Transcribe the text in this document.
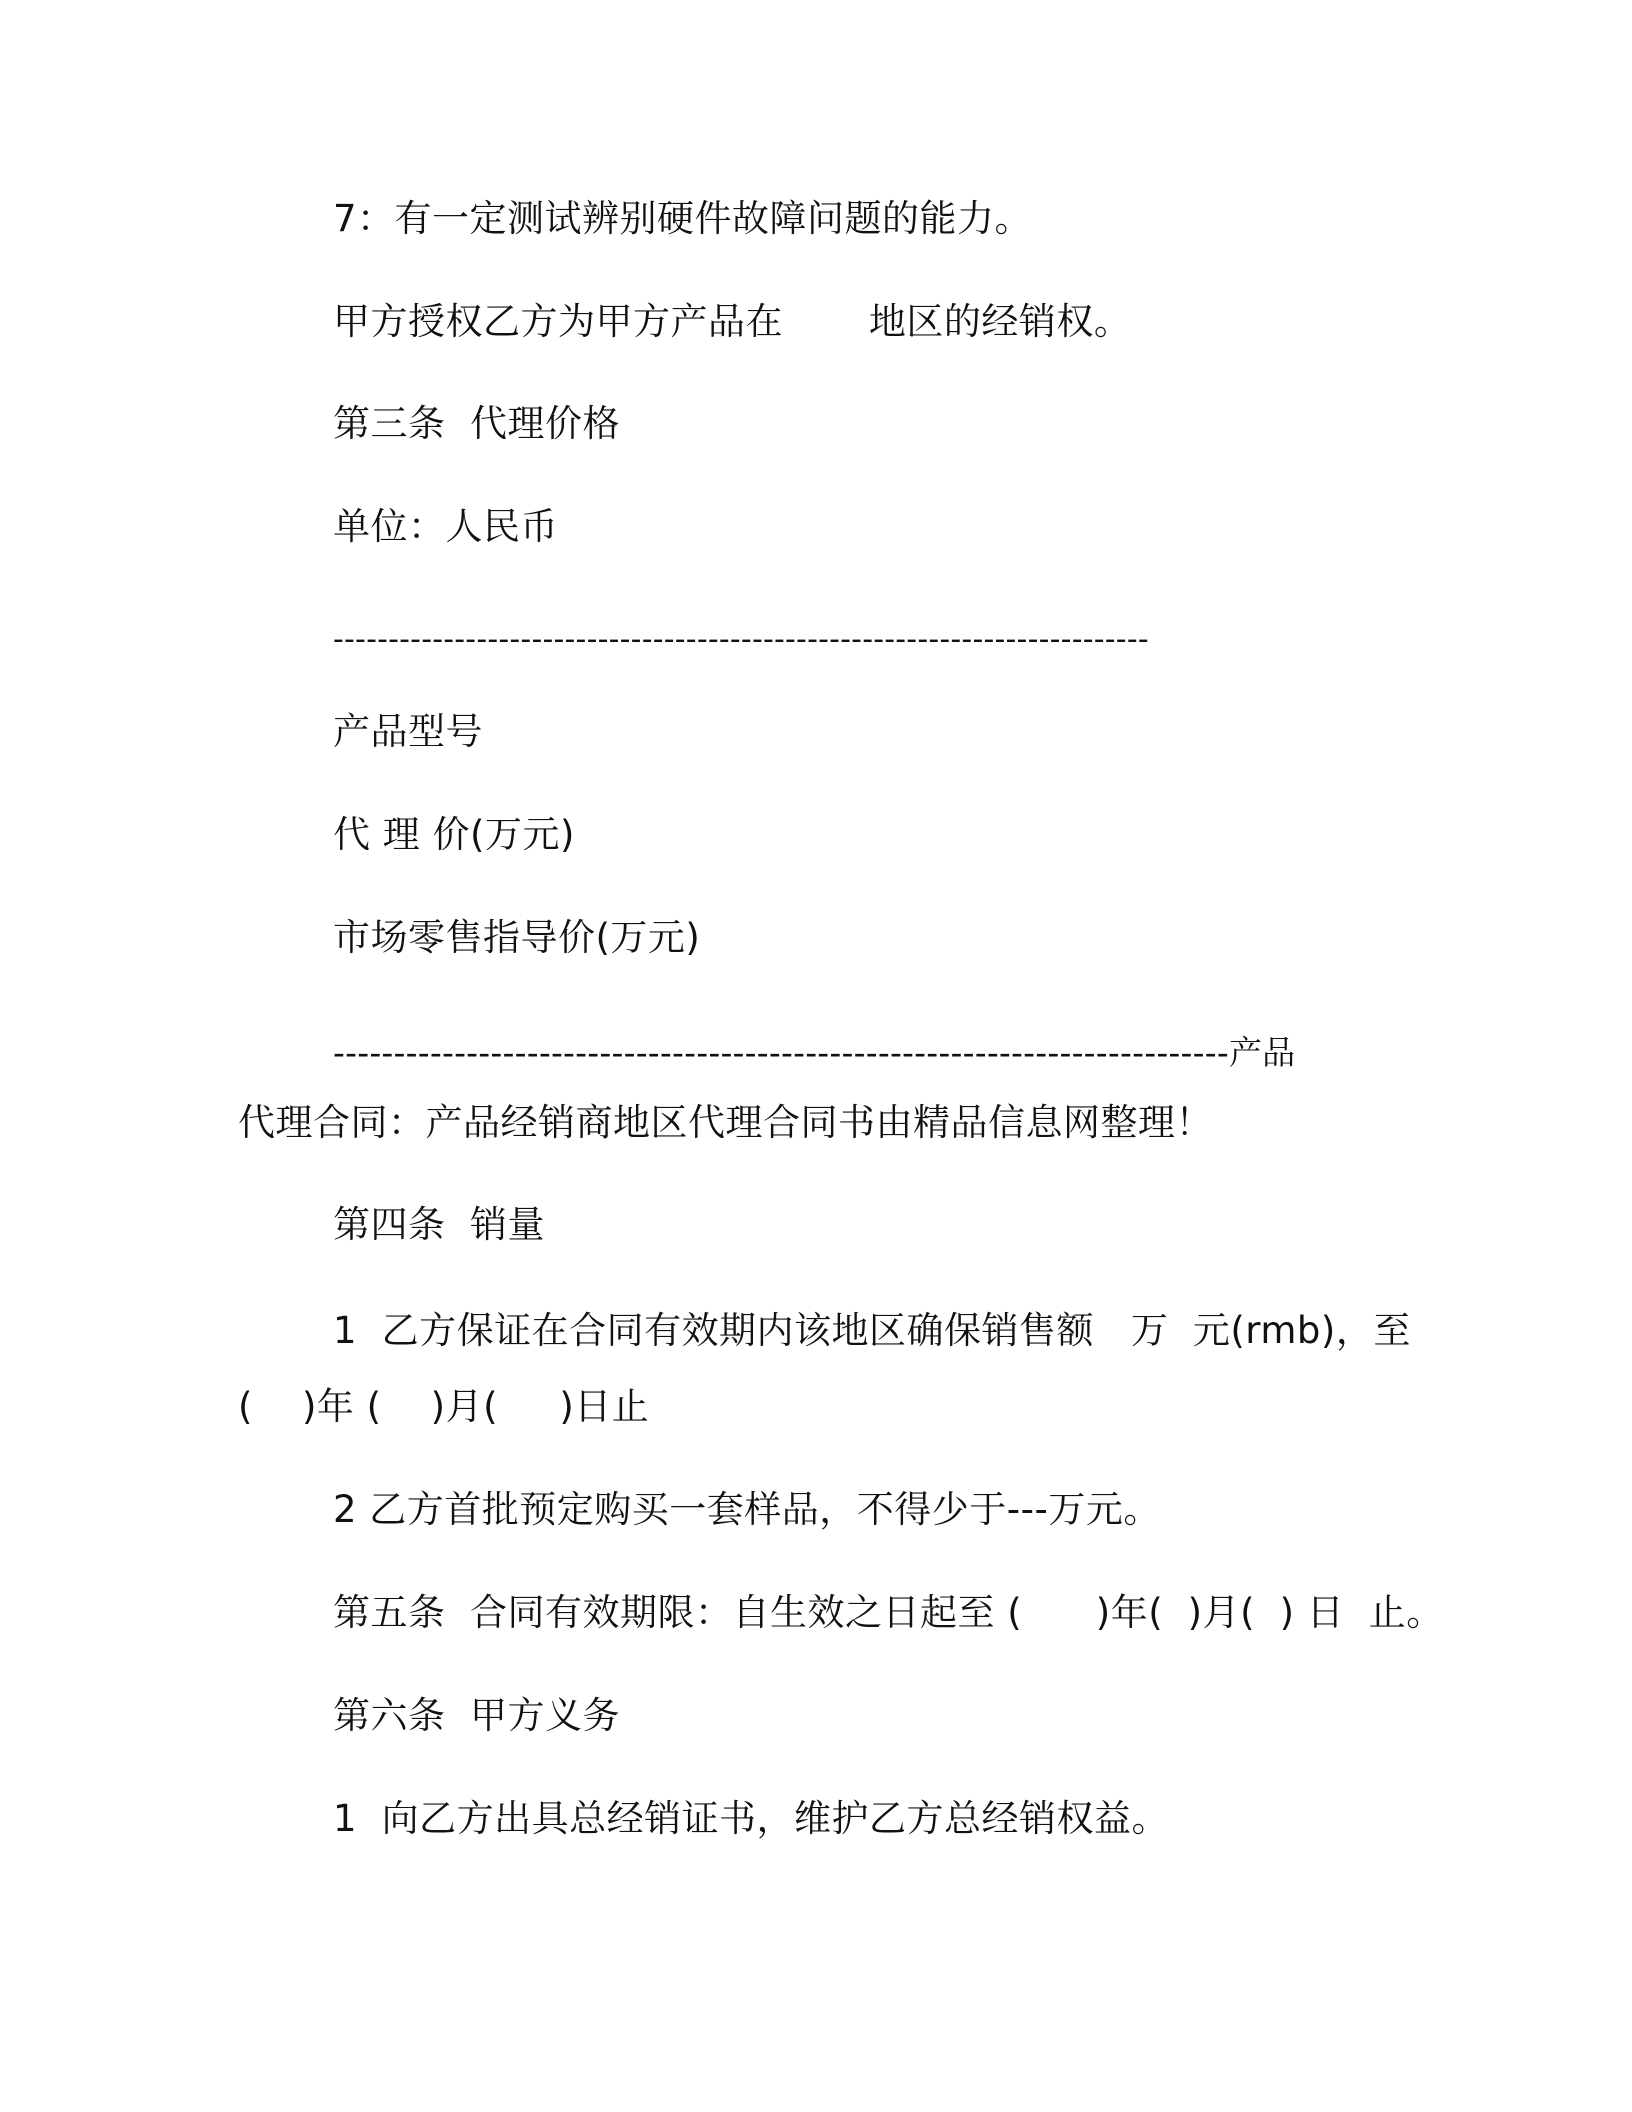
7：有一定测试辨别硬件故障问题的能力。
甲方授权乙方为甲方产品在       地区的经销权。
第三条  代理价格
单位：人民币
--------------------------------------------------------------------------
产品型号
代 理 价(万元)
市场零售指导价(万元)
--------------------------------------------------------------------------产品
代理合同：产品经销商地区代理合同书由精品信息网整理！
第四条  销量
1  乙方保证在合同有效期内该地区确保销售额   万  元(rmb)，至
(    )年 (    )月(     )日止
2 乙方首批预定购买一套样品，不得少于---万元。
第五条  合同有效期限：自生效之日起至 (      )年(  )月(  ) 日  止。
第六条  甲方义务
1  向乙方出具总经销证书，维护乙方总经销权益。
